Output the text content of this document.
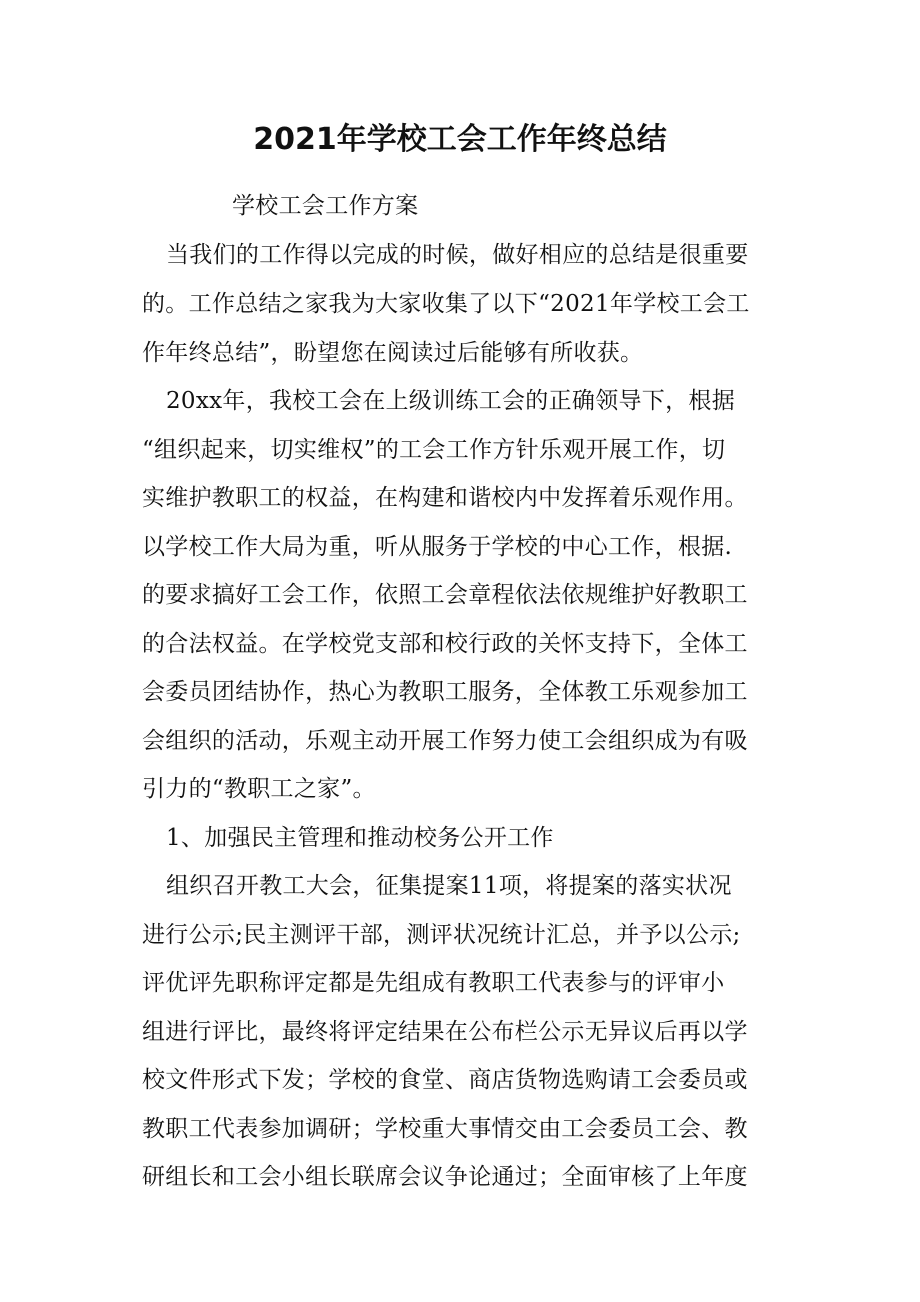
2021年学校工会工作年终总结
学校工会工作方案
当我们的工作得以完成的时候，做好相应的总结是很重要
的。工作总结之家我为大家收集了以下“2021年学校工会工
作年终总结”，盼望您在阅读过后能够有所收获。
20xx年，我校工会在上级训练工会的正确领导下，根据
“组织起来，切实维权”的工会工作方针乐观开展工作，切
实维护教职工的权益，在构建和谐校内中发挥着乐观作用。
以学校工作大局为重，听从服务于学校的中心工作，根据.
的要求搞好工会工作，依照工会章程依法依规维护好教职工
的合法权益。在学校党支部和校行政的关怀支持下，全体工
会委员团结协作，热心为教职工服务，全体教工乐观参加工
会组织的活动，乐观主动开展工作努力使工会组织成为有吸
引力的“教职工之家”。
1、加强民主管理和推动校务公开工作
组织召开教工大会，征集提案11项，将提案的落实状况
进行公示;民主测评干部，测评状况统计汇总，并予以公示;
评优评先职称评定都是先组成有教职工代表参与的评审小
组进行评比，最终将评定结果在公布栏公示无异议后再以学
校文件形式下发；学校的食堂、商店货物选购请工会委员或
教职工代表参加调研；学校重大事情交由工会委员工会、教
研组长和工会小组长联席会议争论通过；全面审核了上年度
